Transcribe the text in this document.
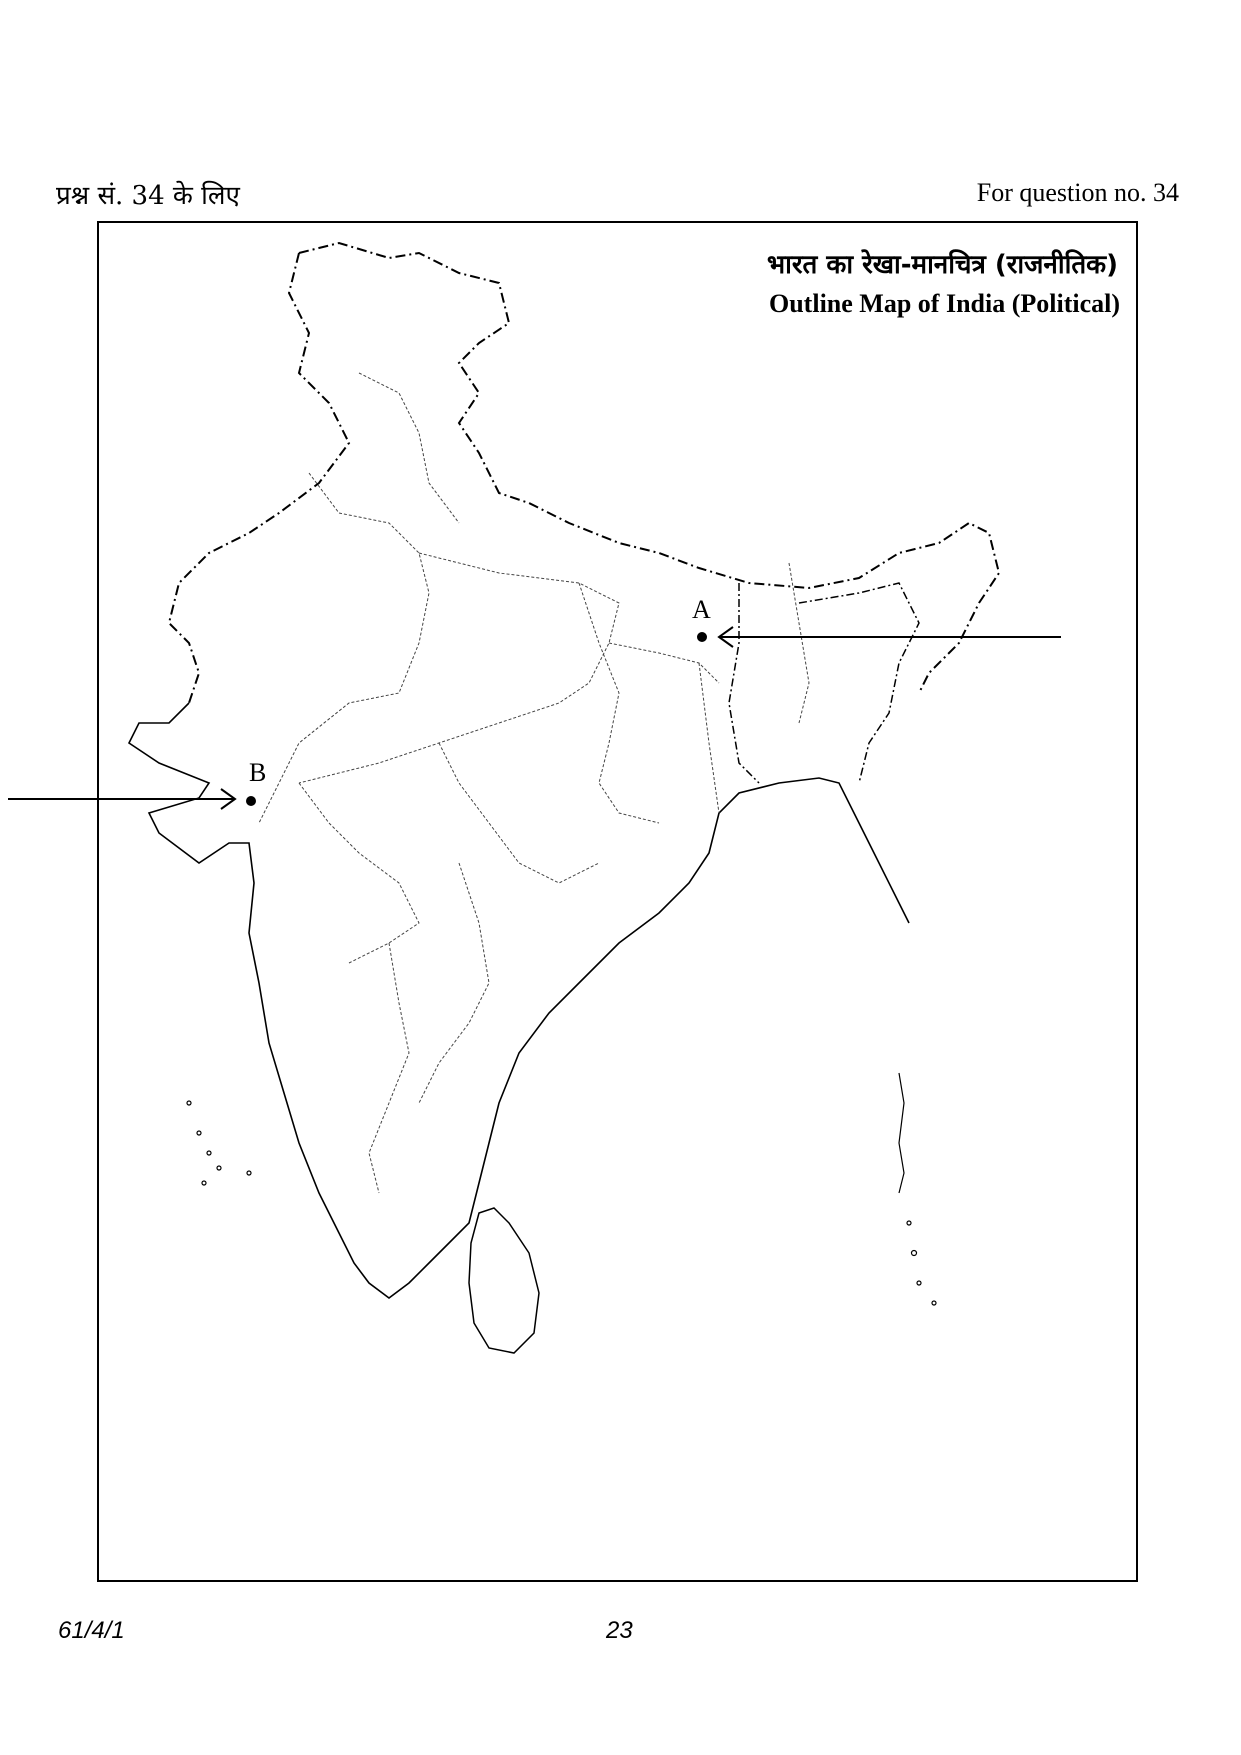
प्रश्न सं. 34 के लिए	For question no. 34
भारत का रेखा-मानचित्र (राजनीतिक)
Outline Map of India (Political)
A
B
61/4/1	23
